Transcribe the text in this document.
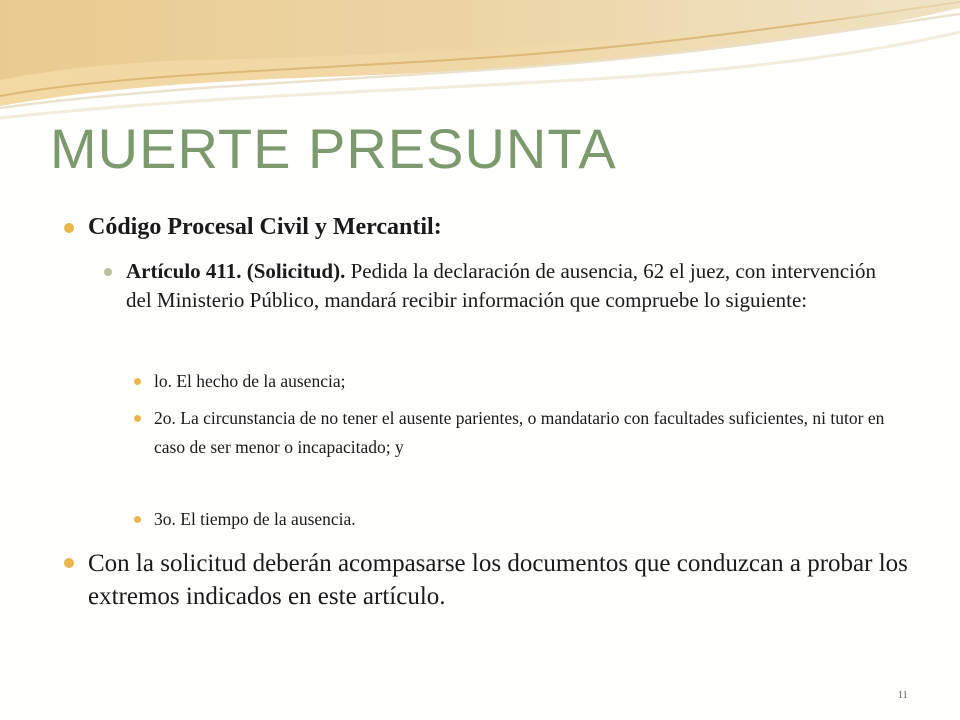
MUERTE PRESUNTA
Código Procesal Civil y Mercantil:
Artículo 411. (Solicitud). Pedida la declaración de ausencia, 62 el juez, con intervención del Ministerio Público, mandará recibir información que compruebe lo siguiente:
lo. El hecho de la ausencia;
2o. La circunstancia de no tener el ausente parientes, o mandatario con facultades suficientes, ni tutor en caso de ser menor o incapacitado; y
3o. El tiempo de la ausencia.
Con la solicitud deberán acompasarse los documentos que conduzcan a probar los extremos indicados en este artículo.
11
